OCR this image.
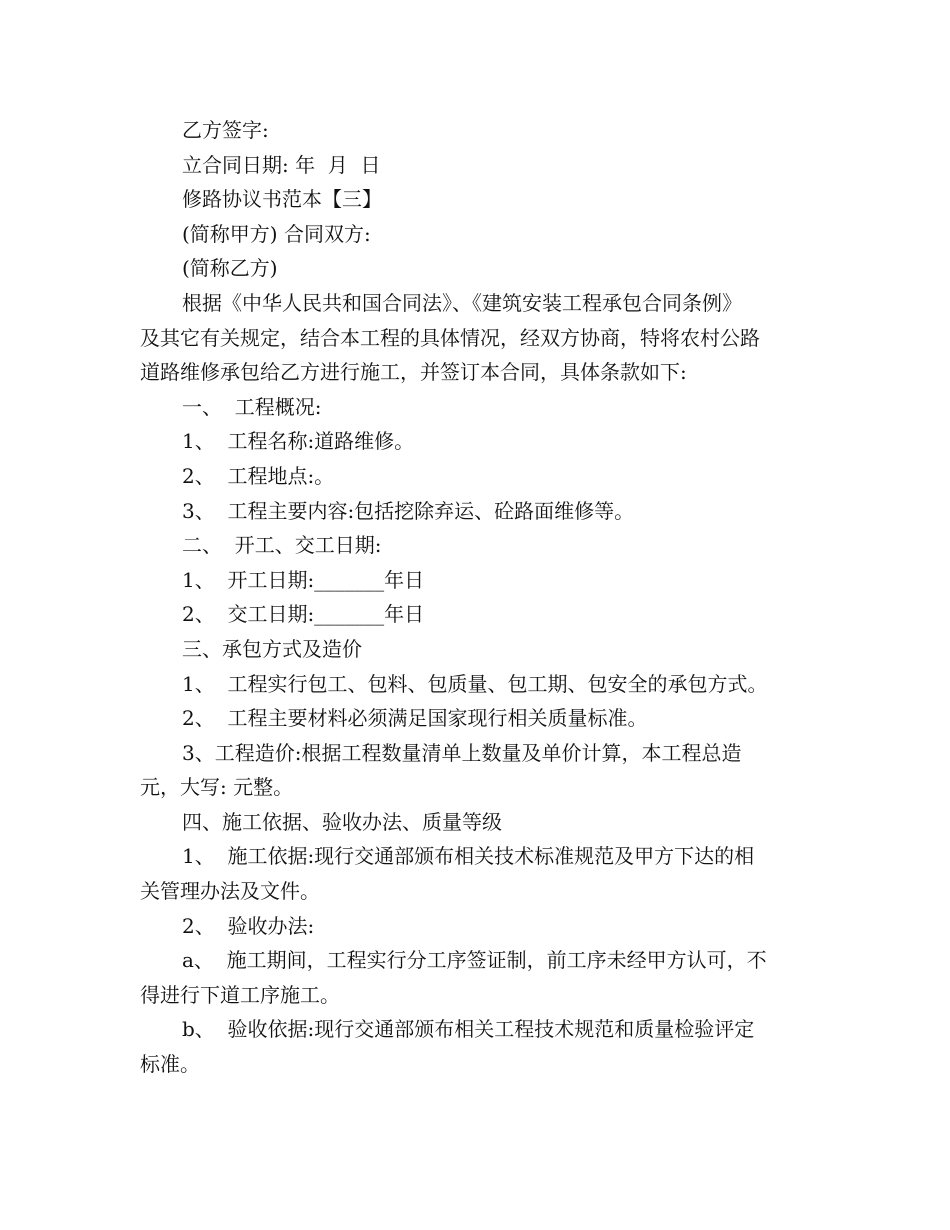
乙方签字:

立合同日期: 年  月  日

修路协议书范本【三】

(简称甲方) 合同双方:

(简称乙方)

根据《中华人民共和国合同法》、《建筑安装工程承包合同条例》

及其它有关规定，结合本工程的具体情况，经双方协商，特将农村公路

道路维修承包给乙方进行施工，并签订本合同，具体条款如下:

一、  工程概况:

1、  工程名称:道路维修。

2、  工程地点:。

3、  工程主要内容:包括挖除弃运、砼路面维修等。

二、  开工、交工日期:

1、  开工日期:_______年日

2、  交工日期:_______年日

三、承包方式及造价

1、  工程实行包工、包料、包质量、包工期、包安全的承包方式。

2、  工程主要材料必须满足国家现行相关质量标准。

3、工程造价:根据工程数量清单上数量及单价计算，本工程总造

元，大写: 元整。

四、施工依据、验收办法、质量等级

1、  施工依据:现行交通部颁布相关技术标准规范及甲方下达的相

关管理办法及文件。

2、  验收办法:

a、  施工期间，工程实行分工序签证制，前工序未经甲方认可，不

得进行下道工序施工。

b、  验收依据:现行交通部颁布相关工程技术规范和质量检验评定

标准。
